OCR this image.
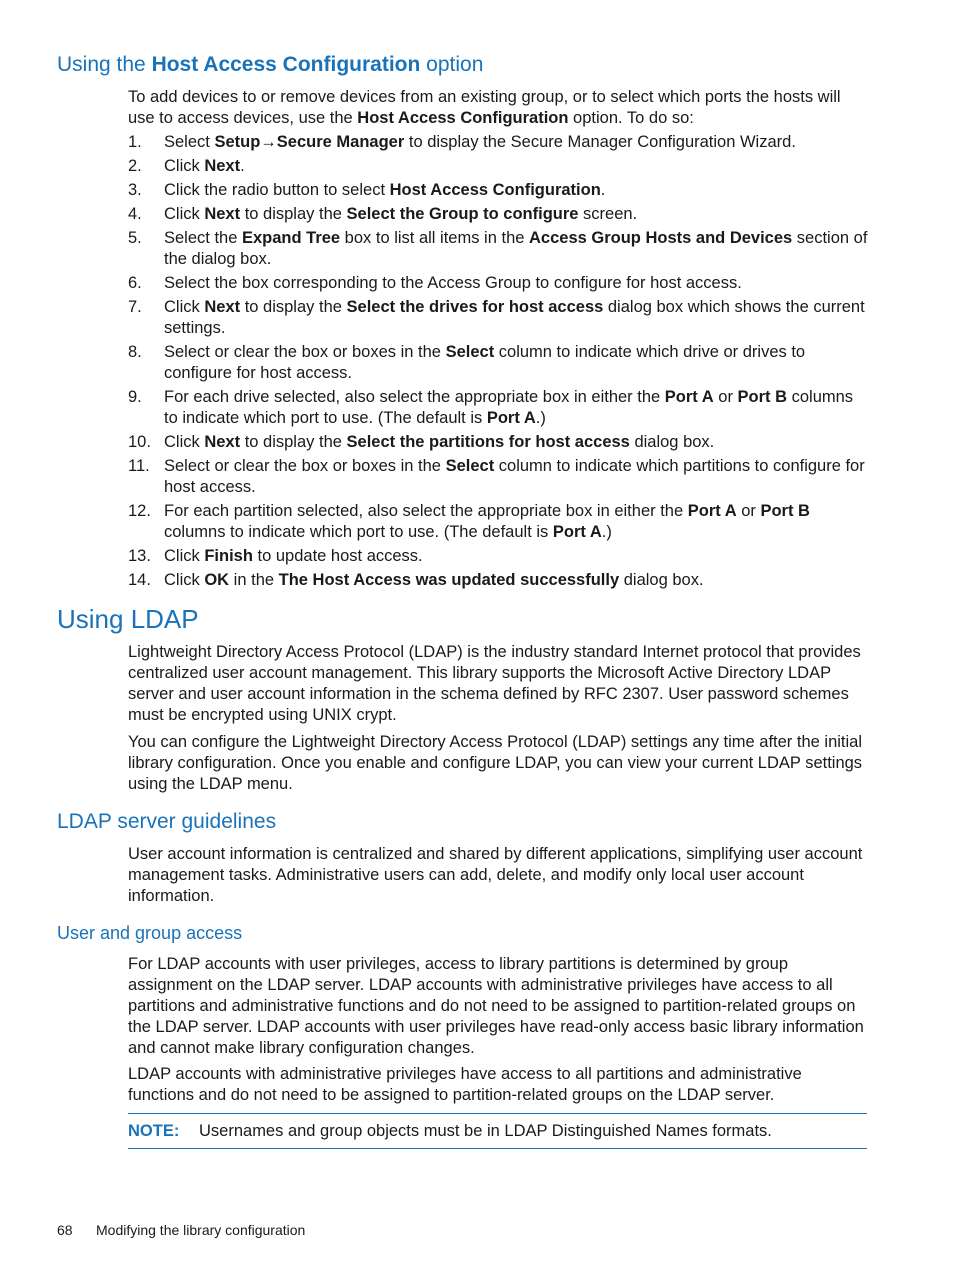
Using the Host Access Configuration option

To add devices to or remove devices from an existing group, or to select which ports the hosts will use to access devices, use the Host Access Configuration option. To do so:

1. Select Setup→Secure Manager to display the Secure Manager Configuration Wizard.
2. Click Next.
3. Click the radio button to select Host Access Configuration.
4. Click Next to display the Select the Group to configure screen.
5. Select the Expand Tree box to list all items in the Access Group Hosts and Devices section of the dialog box.
6. Select the box corresponding to the Access Group to configure for host access.
7. Click Next to display the Select the drives for host access dialog box which shows the current settings.
8. Select or clear the box or boxes in the Select column to indicate which drive or drives to configure for host access.
9. For each drive selected, also select the appropriate box in either the Port A or Port B columns to indicate which port to use. (The default is Port A.)
10. Click Next to display the Select the partitions for host access dialog box.
11. Select or clear the box or boxes in the Select column to indicate which partitions to configure for host access.
12. For each partition selected, also select the appropriate box in either the Port A or Port B columns to indicate which port to use. (The default is Port A.)
13. Click Finish to update host access.
14. Click OK in the The Host Access was updated successfully dialog box.
Using LDAP

Lightweight Directory Access Protocol (LDAP) is the industry standard Internet protocol that provides centralized user account management. This library supports the Microsoft Active Directory LDAP server and user account information in the schema defined by RFC 2307. User password schemes must be encrypted using UNIX crypt.

You can configure the Lightweight Directory Access Protocol (LDAP) settings any time after the initial library configuration. Once you enable and configure LDAP, you can view your current LDAP settings using the LDAP menu.

LDAP server guidelines

User account information is centralized and shared by different applications, simplifying user account management tasks. Administrative users can add, delete, and modify only local user account information.

User and group access

For LDAP accounts with user privileges, access to library partitions is determined by group assignment on the LDAP server. LDAP accounts with administrative privileges have access to all partitions and administrative functions and do not need to be assigned to partition-related groups on the LDAP server. LDAP accounts with user privileges have read-only access basic library information and cannot make library configuration changes.

LDAP accounts with administrative privileges have access to all partitions and administrative functions and do not need to be assigned to partition-related groups on the LDAP server.

NOTE: Usernames and group objects must be in LDAP Distinguished Names formats.
68 Modifying the library configuration
